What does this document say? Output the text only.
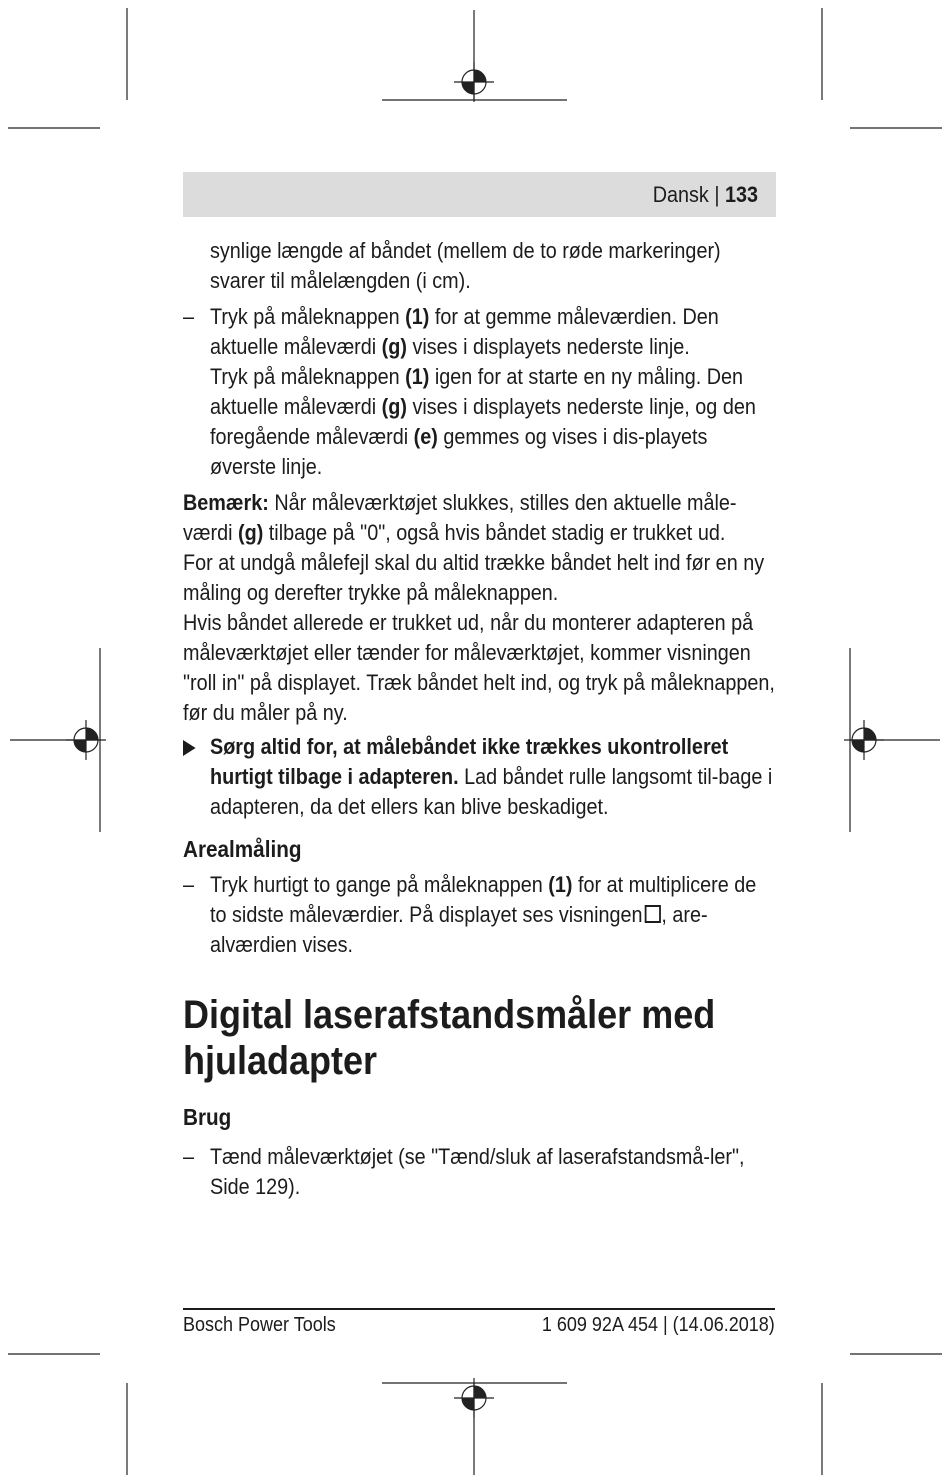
Dansk | 133

synlige længde af båndet (mellem de to røde markeringer)
svarer til målelængden (i cm).

– Tryk på måleknappen (1) for at gemme måleværdien. Den aktuelle måleværdi (g) vises i displayets nederste linje.

Tryk på måleknappen (1) igen for at starte en ny måling. Den aktuelle måleværdi (g) vises i displayets nederste linje, og den foregående måleværdi (e) gemmes og vises i dis-playets øverste linje.

Bemærk: Når måleværktøjet slukkes, stilles den aktuelle måle-værdi (g) tilbage på "0", også hvis båndet stadig er trukket ud.

For at undgå målefejl skal du altid trække båndet helt ind før en ny måling og derefter trykke på måleknappen.

Hvis båndet allerede er trukket ud, når du monterer adapteren på måleværktøjet eller tænder for måleværktøjet, kommer visningen "roll in" på displayet. Træk båndet helt ind, og tryk på måleknappen, før du måler på ny.

Sørg altid for, at målebåndet ikke trækkes ukontrolleret hurtigt tilbage i adapteren. Lad båndet rulle langsomt til-bage i adapteren, da det ellers kan blive beskadiget.

Arealmåling

– Tryk hurtigt to gange på måleknappen (1) for at multiplicere de to sidste måleværdier. På displayet ses visningen , are-alværdien vises.

Digital laserafstandsmåler med hjuladapter

Brug

– Tænd måleværktøjet (se "Tænd/sluk af laserafstandsmå-ler", Side 129).

Bosch Power Tools	1 609 92A 454 | (14.06.2018)
